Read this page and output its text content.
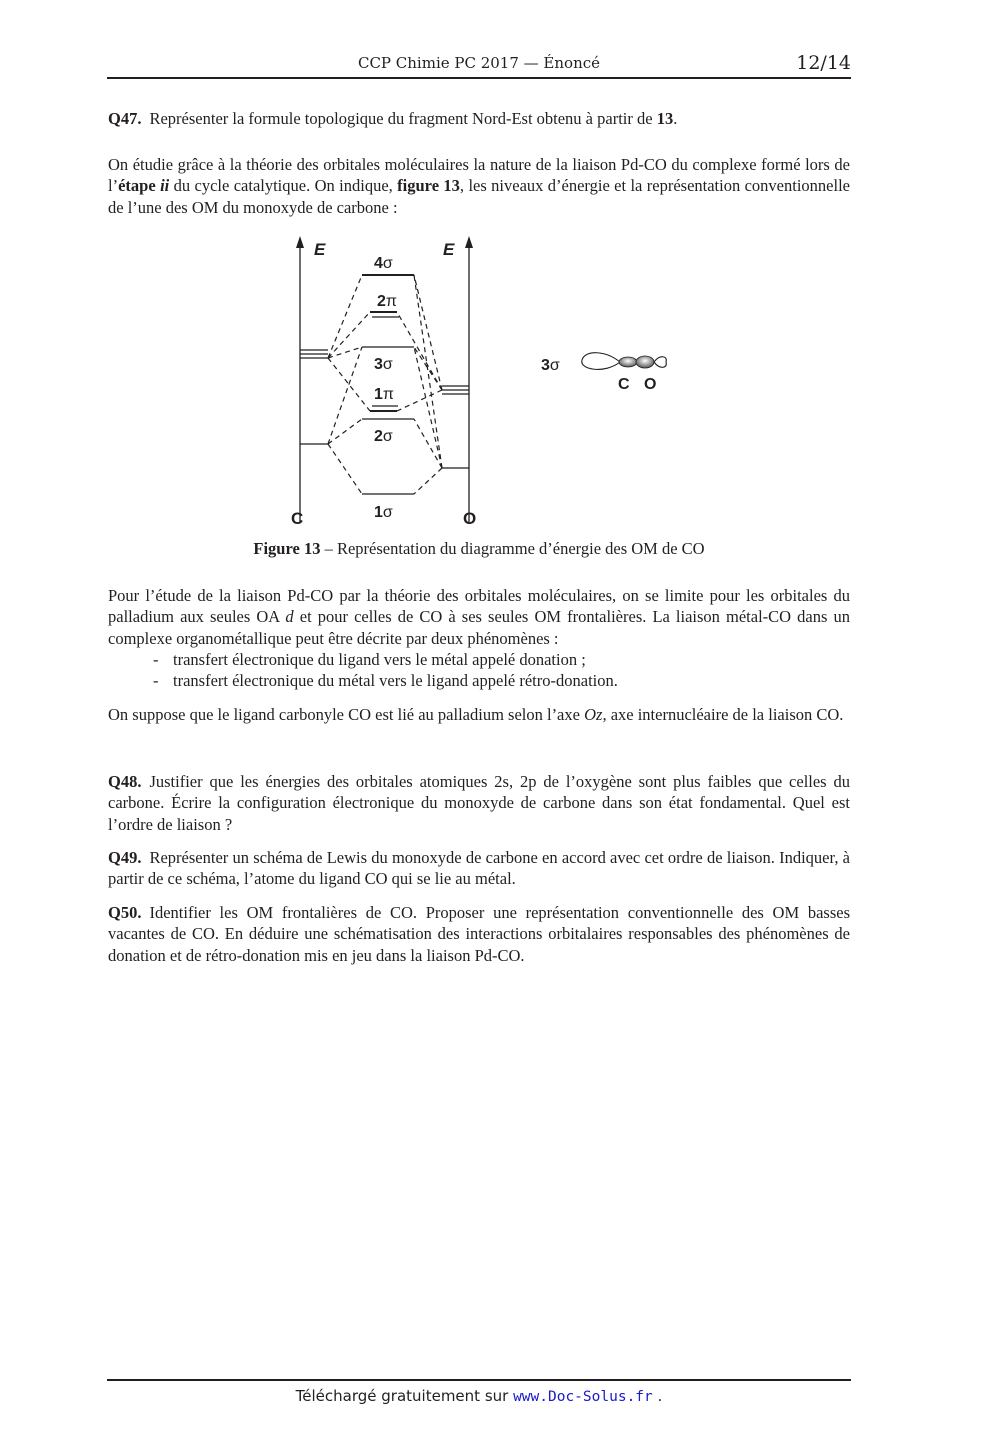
CCP Chimie PC 2017 — Énoncé	12/14
Q47. Représenter la formule topologique du fragment Nord-Est obtenu à partir de 13.
On étudie grâce à la théorie des orbitales moléculaires la nature de la liaison Pd-CO du complexe formé lors de l’étape ii du cycle catalytique. On indique, figure 13, les niveaux d’énergie et la représentation conventionnelle de l’une des OM du monoxyde de carbone :
E	E
4σ
2π
3σ
1π
2σ
1σ
C	O
3σ
C O
Figure 13 – Représentation du diagramme d’énergie des OM de CO
Pour l’étude de la liaison Pd-CO par la théorie des orbitales moléculaires, on se limite pour les orbitales du palladium aux seules OA d et pour celles de CO à ses seules OM frontalières. La liaison métal-CO dans un complexe organométallique peut être décrite par deux phénomènes :
- transfert électronique du ligand vers le métal appelé donation ;
- transfert électronique du métal vers le ligand appelé rétro-donation.
On suppose que le ligand carbonyle CO est lié au palladium selon l’axe Oz, axe internucléaire de la liaison CO.
Q48. Justifier que les énergies des orbitales atomiques 2s, 2p de l’oxygène sont plus faibles que celles du carbone. Écrire la configuration électronique du monoxyde de carbone dans son état fondamental. Quel est l’ordre de liaison ?
Q49. Représenter un schéma de Lewis du monoxyde de carbone en accord avec cet ordre de liaison. Indiquer, à partir de ce schéma, l’atome du ligand CO qui se lie au métal.
Q50. Identifier les OM frontalières de CO. Proposer une représentation conventionnelle des OM basses vacantes de CO. En déduire une schématisation des interactions orbitalaires responsables des phénomènes de donation et de rétro-donation mis en jeu dans la liaison Pd-CO.
Téléchargé gratuitement sur www.Doc-Solus.fr .
